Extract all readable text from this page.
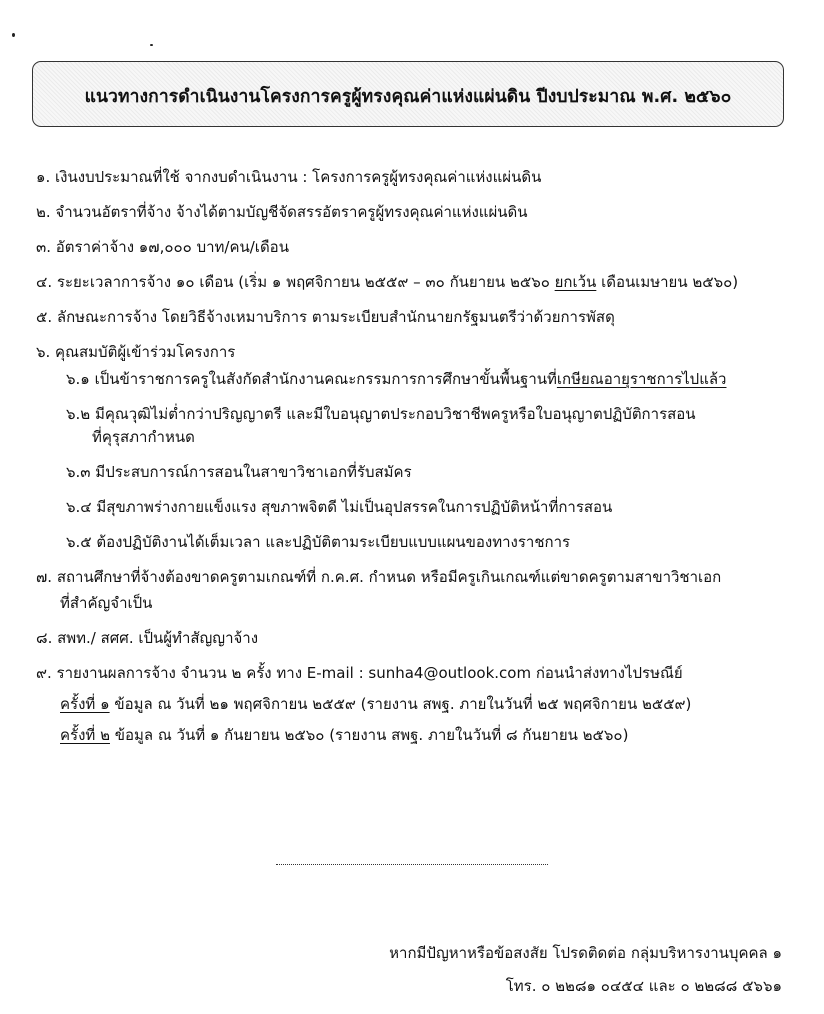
แนวทางการดำเนินงานโครงการครูผู้ทรงคุณค่าแห่งแผ่นดิน ปีงบประมาณ พ.ศ. ๒๕๖๐
๑. เงินงบประมาณที่ใช้ จากงบดำเนินงาน : โครงการครูผู้ทรงคุณค่าแห่งแผ่นดิน
๒. จำนวนอัตราที่จ้าง จ้างได้ตามบัญชีจัดสรรอัตราครูผู้ทรงคุณค่าแห่งแผ่นดิน
๓. อัตราค่าจ้าง ๑๗,๐๐๐ บาท/คน/เดือน
๔. ระยะเวลาการจ้าง ๑๐ เดือน (เริ่ม ๑ พฤศจิกายน ๒๕๕๙ – ๓๐ กันยายน ๒๕๖๐ ยกเว้น เดือนเมษายน ๒๕๖๐)
๕. ลักษณะการจ้าง โดยวิธีจ้างเหมาบริการ ตามระเบียบสำนักนายกรัฐมนตรีว่าด้วยการพัสดุ
๖. คุณสมบัติผู้เข้าร่วมโครงการ
๖.๑ เป็นข้าราชการครูในสังกัดสำนักงานคณะกรรมการการศึกษาขั้นพื้นฐานที่เกษียณอายุราชการไปแล้ว
๖.๒ มีคุณวุฒิไม่ต่ำกว่าปริญญาตรี และมีใบอนุญาตประกอบวิชาชีพครูหรือใบอนุญาตปฏิบัติการสอน
ที่คุรุสภากำหนด
๖.๓ มีประสบการณ์การสอนในสาขาวิชาเอกที่รับสมัคร
๖.๔ มีสุขภาพร่างกายแข็งแรง สุขภาพจิตดี ไม่เป็นอุปสรรคในการปฏิบัติหน้าที่การสอน
๖.๕ ต้องปฏิบัติงานได้เต็มเวลา และปฏิบัติตามระเบียบแบบแผนของทางราชการ
๗. สถานศึกษาที่จ้างต้องขาดครูตามเกณฑ์ที่ ก.ค.ศ. กำหนด หรือมีครูเกินเกณฑ์แต่ขาดครูตามสาขาวิชาเอก
ที่สำคัญจำเป็น
๘. สพท./ สศศ. เป็นผู้ทำสัญญาจ้าง
๙. รายงานผลการจ้าง จำนวน ๒ ครั้ง ทาง E-mail : sunha4@outlook.com ก่อนนำส่งทางไปรษณีย์
ครั้งที่ ๑ ข้อมูล ณ วันที่ ๒๑ พฤศจิกายน ๒๕๕๙ (รายงาน สพฐ. ภายในวันที่ ๒๕ พฤศจิกายน ๒๕๕๙)
ครั้งที่ ๒ ข้อมูล ณ วันที่ ๑ กันยายน ๒๕๖๐ (รายงาน สพฐ. ภายในวันที่ ๘ กันยายน ๒๕๖๐)
หากมีปัญหาหรือข้อสงสัย โปรดติดต่อ กลุ่มบริหารงานบุคคล ๑
โทร. ๐ ๒๒๘๑ ๐๔๕๔ และ ๐ ๒๒๘๘ ๕๖๖๑
